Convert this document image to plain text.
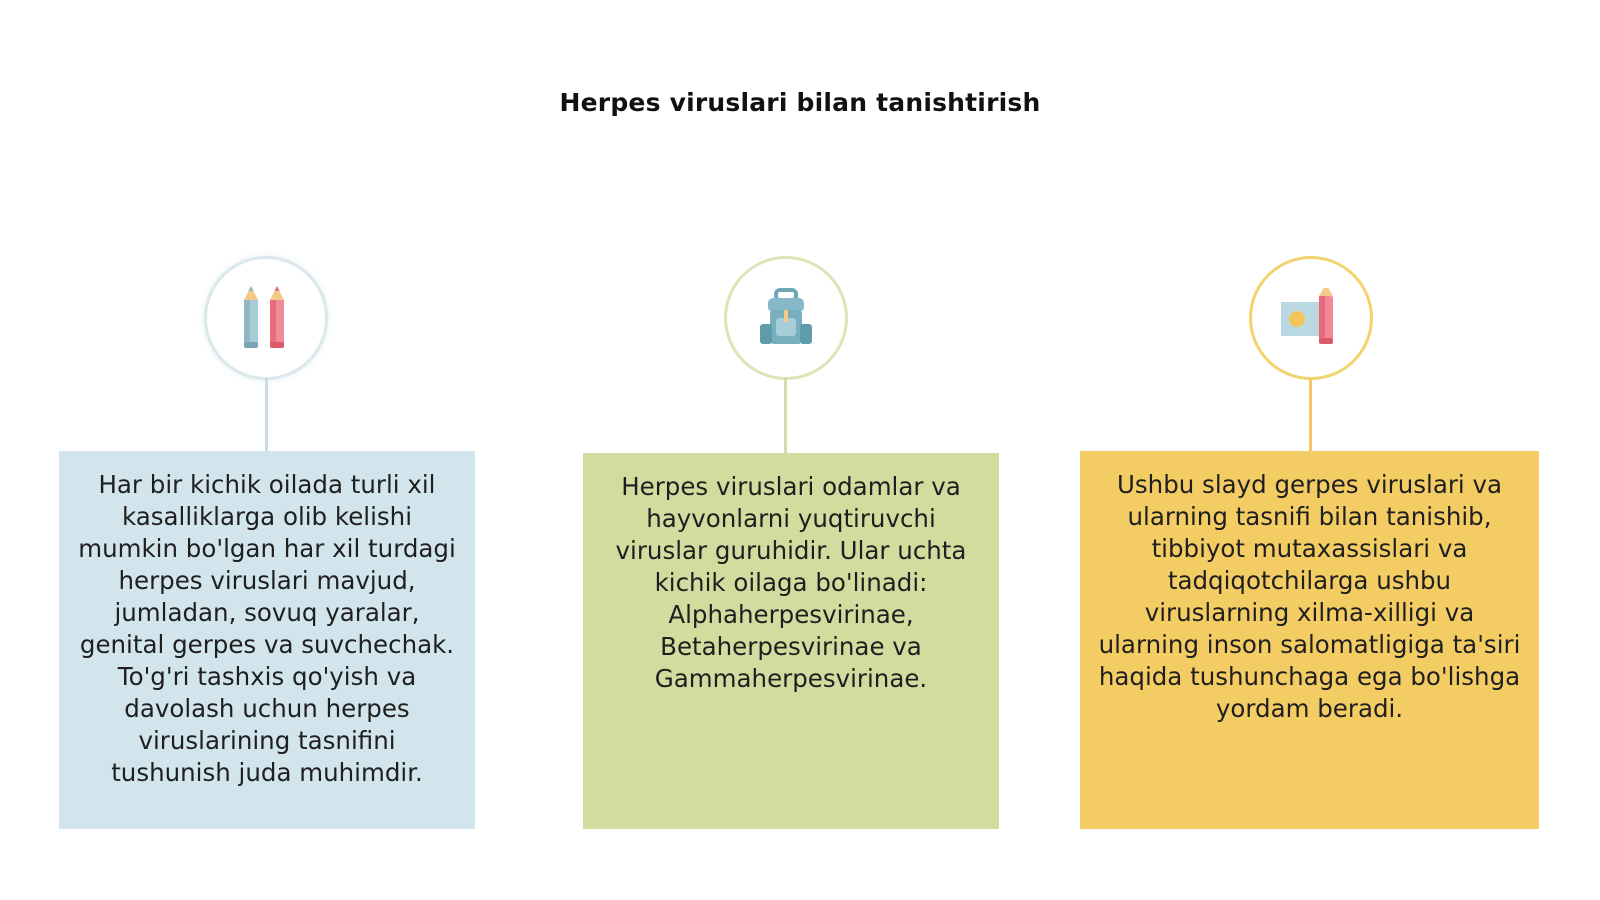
Herpes viruslari bilan tanishtirish
Har bir kichik oilada turli xil kasalliklarga olib kelishi mumkin bo'lgan har xil turdagi herpes viruslari mavjud, jumladan, sovuq yaralar, genital gerpes va suvchechak. To'g'ri tashxis qo'yish va davolash uchun herpes viruslarining tasnifini tushunish juda muhimdir.
Herpes viruslari odamlar va hayvonlarni yuqtiruvchi viruslar guruhidir. Ular uchta kichik oilaga bo'linadi: Alphaherpesvirinae, Betaherpesvirinae va Gammaherpesvirinae.
Ushbu slayd gerpes viruslari va ularning tasnifi bilan tanishib, tibbiyot mutaxassislari va tadqiqotchilarga ushbu viruslarning xilma-xilligi va ularning inson salomatligiga ta'siri haqida tushunchaga ega bo'lishga yordam beradi.
